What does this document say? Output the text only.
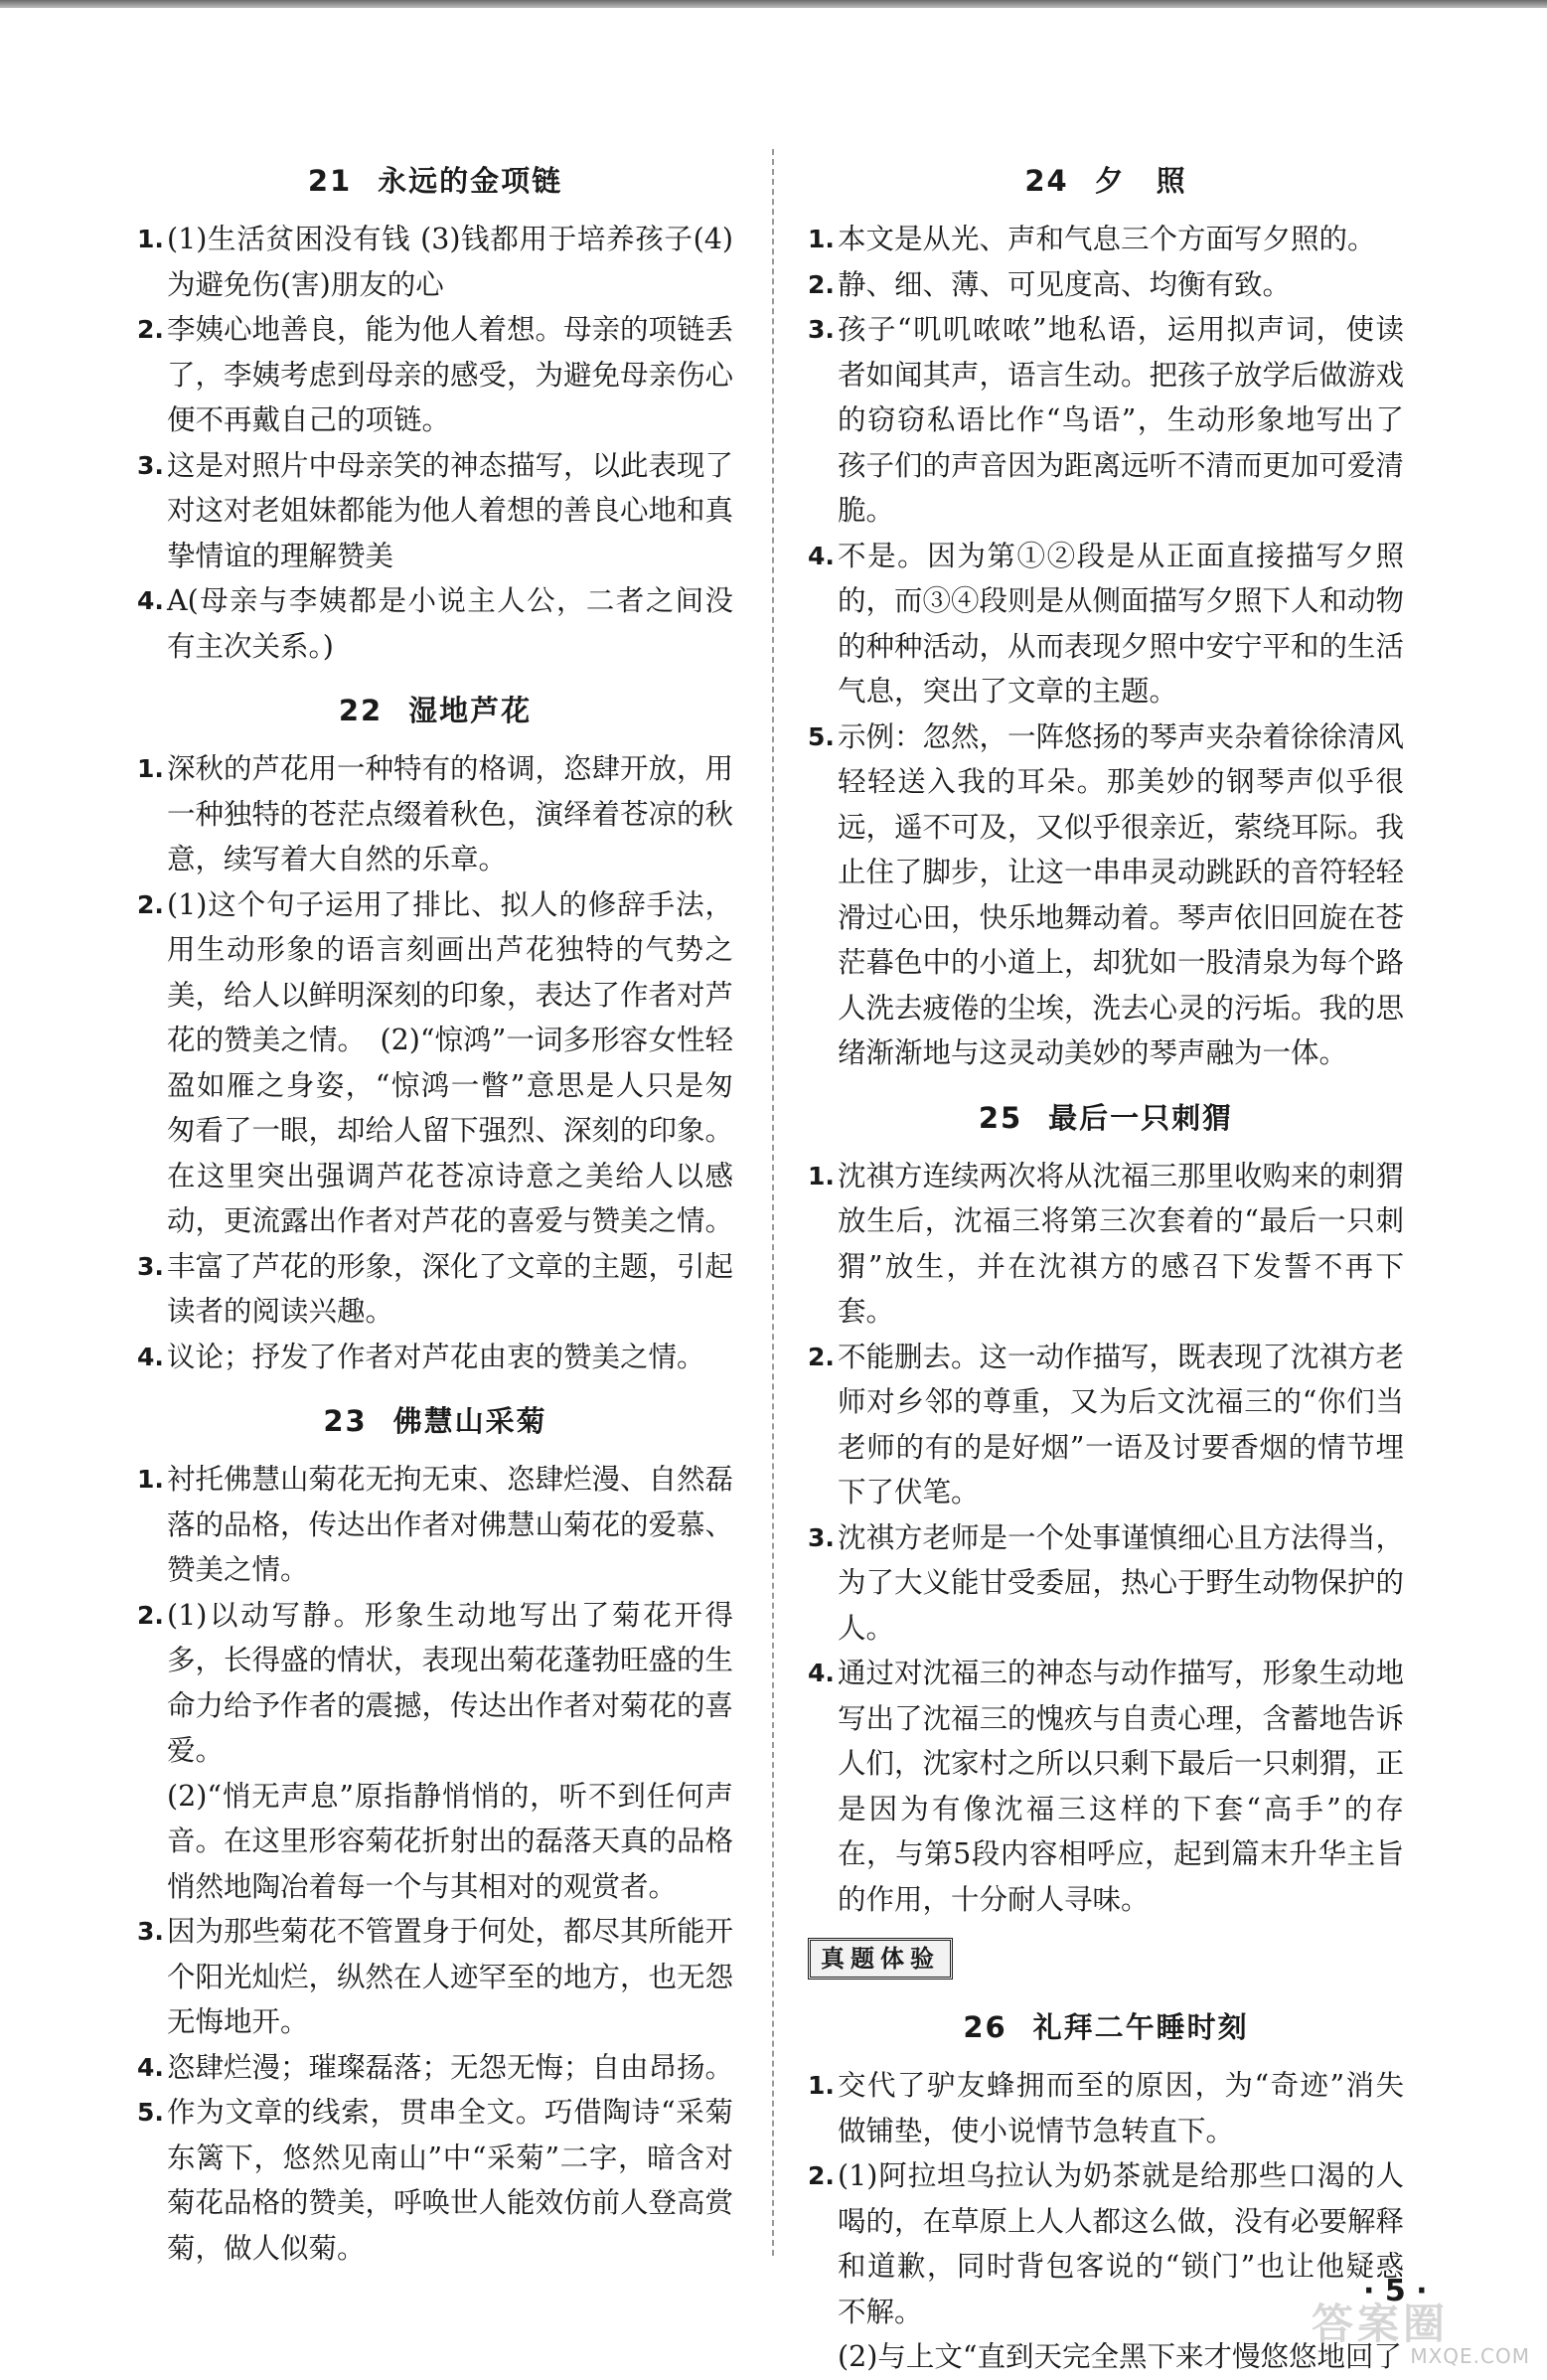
21 永远的金项链
1. (1)生活贫困没有钱 (3)钱都用于培养孩子(4)为避免伤(害)朋友的心
2. 李姨心地善良，能为他人着想。母亲的项链丢了，李姨考虑到母亲的感受，为避免母亲伤心便不再戴自己的项链。
3. 这是对照片中母亲笑的神态描写，以此表现了对这对老姐妹都能为他人着想的善良心地和真挚情谊的理解赞美
4. A(母亲与李姨都是小说主人公，二者之间没有主次关系。)
22 湿地芦花
1. 深秋的芦花用一种特有的格调，恣肆开放，用一种独特的苍茫点缀着秋色，演绎着苍凉的秋意，续写着大自然的乐章。
2. (1)这个句子运用了排比、拟人的修辞手法，用生动形象的语言刻画出芦花独特的气势之美，给人以鲜明深刻的印象，表达了作者对芦花的赞美之情。　(2)“惊鸿”一词多形容女性轻盈如雁之身姿，“惊鸿一瞥”意思是人只是匆匆看了一眼，却给人留下强烈、深刻的印象。在这里突出强调芦花苍凉诗意之美给人以感动，更流露出作者对芦花的喜爱与赞美之情。
3. 丰富了芦花的形象，深化了文章的主题，引起读者的阅读兴趣。
4. 议论；抒发了作者对芦花由衷的赞美之情。
23 佛慧山采菊
1. 衬托佛慧山菊花无拘无束、恣肆烂漫、自然磊落的品格，传达出作者对佛慧山菊花的爱慕、赞美之情。
2. (1)以动写静。形象生动地写出了菊花开得多，长得盛的情状，表现出菊花蓬勃旺盛的生命力给予作者的震撼，传达出作者对菊花的喜爱。
(2)“悄无声息”原指静悄悄的，听不到任何声音。在这里形容菊花折射出的磊落天真的品格悄然地陶冶着每一个与其相对的观赏者。
3. 因为那些菊花不管置身于何处，都尽其所能开个阳光灿烂，纵然在人迹罕至的地方，也无怨无悔地开。
4. 恣肆烂漫；璀璨磊落；无怨无悔；自由昂扬。
5. 作为文章的线索，贯串全文。巧借陶诗“采菊东篱下，悠然见南山”中“采菊”二字，暗含对菊花品格的赞美，呼唤世人能效仿前人登高赏菊，做人似菊。
24 夕　照
1. 本文是从光、声和气息三个方面写夕照的。
2. 静、细、薄、可见度高、均衡有致。
3. 孩子“叽叽哝哝”地私语，运用拟声词，使读者如闻其声，语言生动。把孩子放学后做游戏的窃窃私语比作“鸟语”，生动形象地写出了孩子们的声音因为距离远听不清而更加可爱清脆。
4. 不是。因为第①②段是从正面直接描写夕照的，而③④段则是从侧面描写夕照下人和动物的种种活动，从而表现夕照中安宁平和的生活气息，突出了文章的主题。
5. 示例：忽然，一阵悠扬的琴声夹杂着徐徐清风轻轻送入我的耳朵。那美妙的钢琴声似乎很远，遥不可及，又似乎很亲近，萦绕耳际。我止住了脚步，让这一串串灵动跳跃的音符轻轻滑过心田，快乐地舞动着。琴声依旧回旋在苍茫暮色中的小道上，却犹如一股清泉为每个路人洗去疲倦的尘埃，洗去心灵的污垢。我的思绪渐渐地与这灵动美妙的琴声融为一体。
25 最后一只刺猬
1. 沈祺方连续两次将从沈福三那里收购来的刺猬放生后，沈福三将第三次套着的“最后一只刺猬”放生，并在沈祺方的感召下发誓不再下套。
2. 不能删去。这一动作描写，既表现了沈祺方老师对乡邻的尊重，又为后文沈福三的“你们当老师的有的是好烟”一语及讨要香烟的情节埋下了伏笔。
3. 沈祺方老师是一个处事谨慎细心且方法得当，为了大义能甘受委屈，热心于野生动物保护的人。
4. 通过对沈福三的神态与动作描写，形象生动地写出了沈福三的愧疚与自责心理，含蓄地告诉人们，沈家村之所以只剩下最后一只刺猬，正是因为有像沈福三这样的下套“高手”的存在，与第5段内容相呼应，起到篇末升华主旨的作用，十分耐人寻味。
真题体验
26 礼拜二午睡时刻
1. 交代了驴友蜂拥而至的原因，为“奇迹”消失做铺垫，使小说情节急转直下。
2. (1)阿拉坦乌拉认为奶茶就是给那些口渴的人喝的，在草原上人人都这么做，没有必要解释和道歉，同时背包客说的“锁门”也让他疑惑不解。
(2)与上文“直到天完全黑下来才慢悠悠地回了
· 5 ·
答案圈
MXQE.COM
